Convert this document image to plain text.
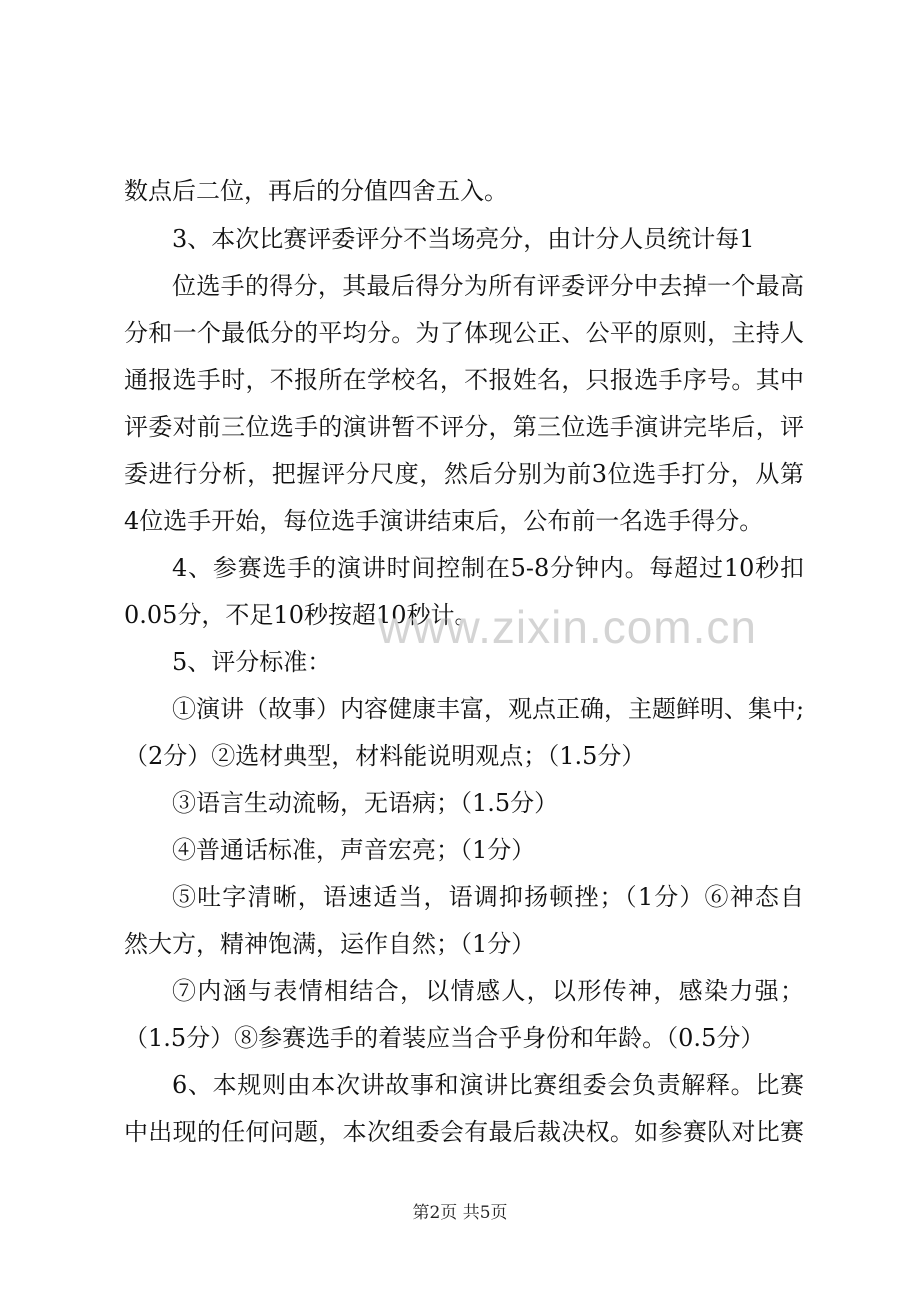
数点后二位，再后的分值四舍五入。
3、本次比赛评委评分不当场亮分，由计分人员统计每1
位选手的得分，其最后得分为所有评委评分中去掉一个最高
分和一个最低分的平均分。为了体现公正、公平的原则，主持人
通报选手时，不报所在学校名，不报姓名，只报选手序号。其中
评委对前三位选手的演讲暂不评分，第三位选手演讲完毕后，评
委进行分析，把握评分尺度，然后分别为前3位选手打分，从第
4位选手开始，每位选手演讲结束后，公布前一名选手得分。
4、参赛选手的演讲时间控制在5-8分钟内。每超过10秒扣
0.05分，不足10秒按超10秒计。
5、评分标准：
①演讲（故事）内容健康丰富，观点正确，主题鲜明、集中;
（2分）②选材典型，材料能说明观点；（1.5分）
③语言生动流畅，无语病；（1.5分）
④普通话标准，声音宏亮；（1分）
⑤吐字清晰，语速适当，语调抑扬顿挫；（1分）⑥神态自
然大方，精神饱满，运作自然；（1分）
⑦内涵与表情相结合，以情感人，以形传神，感染力强；
（1.5分）⑧参赛选手的着装应当合乎身份和年龄。（0.5分）
6、本规则由本次讲故事和演讲比赛组委会负责解释。比赛
中出现的任何问题，本次组委会有最后裁决权。如参赛队对比赛
www.zixin.com.cn
第2页 共5页
